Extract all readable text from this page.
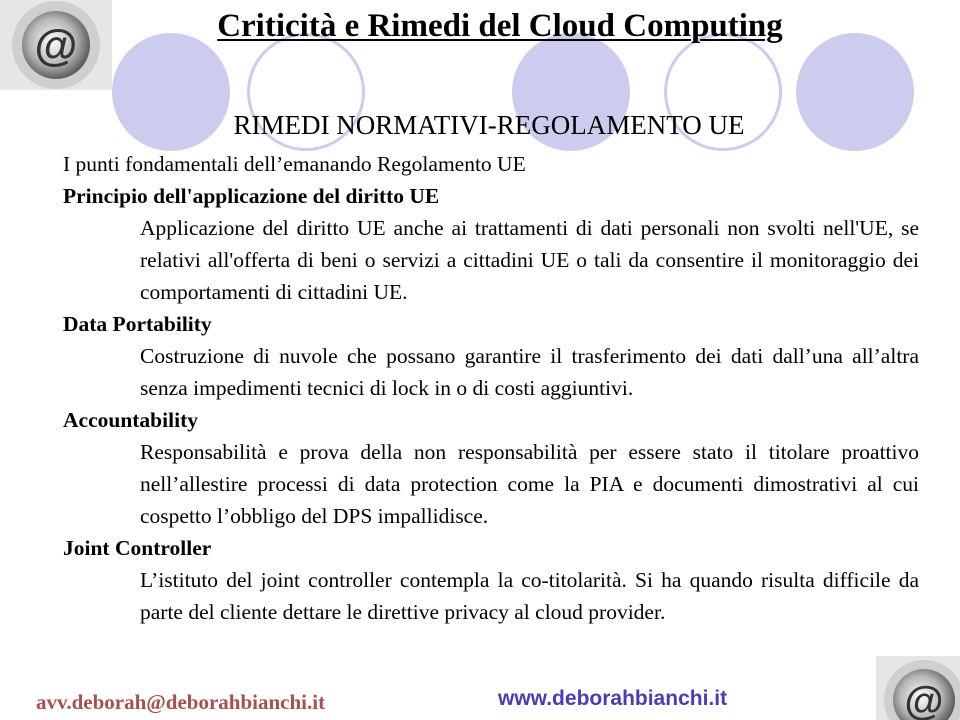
@	Criticità e Rimedi del Cloud Computing
RIMEDI NORMATIVI-REGOLAMENTO UE

I punti fondamentali dell’emanando Regolamento UE

Principio dell'applicazione del diritto UE

Applicazione del diritto UE anche ai trattamenti di dati personali non svolti nell'UE, se relativi all'offerta di beni o servizi a cittadini UE o tali da consentire il monitoraggio dei comportamenti di cittadini UE.

Data Portability

Costruzione di nuvole che possano garantire il trasferimento dei dati dall’una all’altra senza impedimenti tecnici di lock in o di costi aggiuntivi.

Accountability

Responsabilità e prova della non responsabilità per essere stato il titolare proattivo nell’allestire processi di data protection come la PIA e documenti dimostrativi al cui cospetto l’obbligo del DPS impallidisce.

Joint Controller

L’istituto del joint controller contempla la co-titolarità. Si ha quando risulta difficile da parte del cliente dettare le direttive privacy al cloud provider.

avv.deborah@deborahbianchi.it	www.deborahbianchi.it	@
